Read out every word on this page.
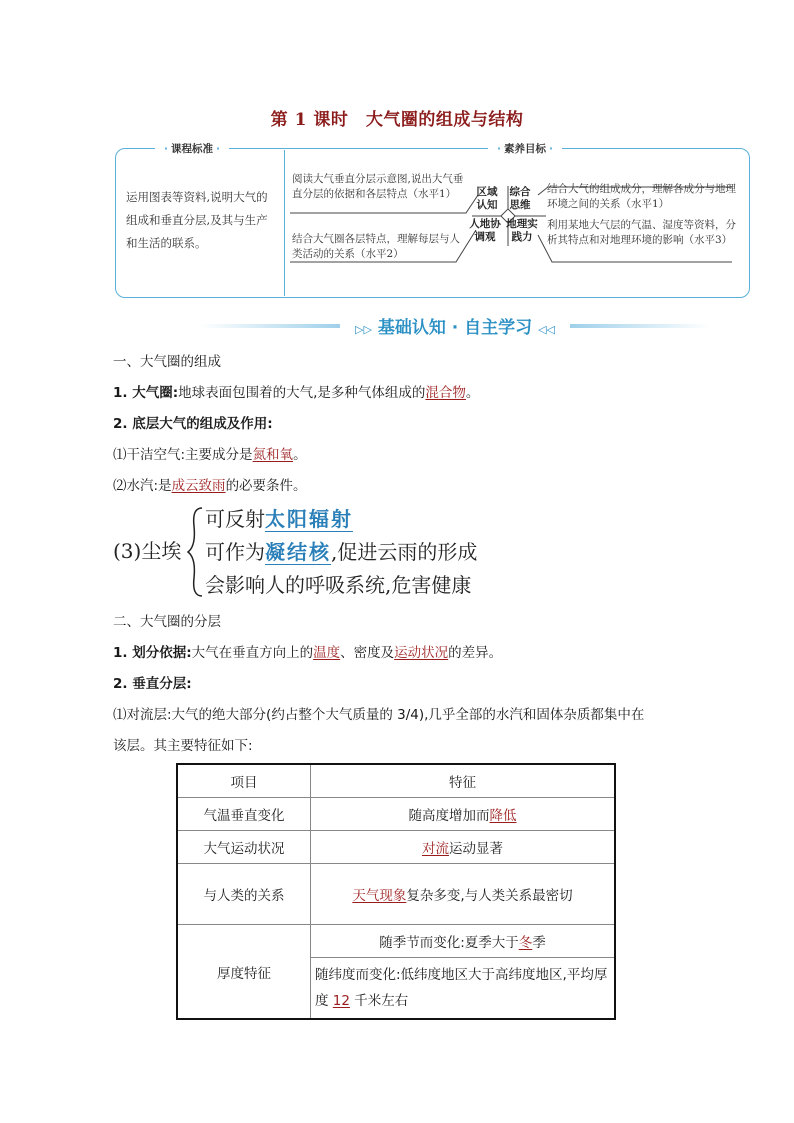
第 1 课时　大气圈的组成与结构
· 课程标准 ·	· 素养目标 ·
运用图表等资料,说明大气的组成和垂直分层,及其与生产和生活的联系。
阅读大气垂直分层示意图,说出大气垂直分层的依据和各层特点（水平1）
结合大气圈各层特点，理解每层与人类活动的关系（水平2）
结合大气的组成成分，理解各成分与地理环境之间的关系（水平1）
利用某地大气层的气温、湿度等资料，分析其特点和对地理环境的影响（水平3）
区域认知
综合思维
人地协调观
地理实践力
▷▷ 基础认知 · 自主学习 ◁◁
一、大气圈的组成
1. 大气圈:地球表面包围着的大气,是多种气体组成的混合物。
2. 底层大气的组成及作用:
⑴干洁空气:主要成分是氮和氧。
⑵水汽:是成云致雨的必要条件。
(3)尘埃
可反射太阳辐射
可作为凝结核,促进云雨的形成
会影响人的呼吸系统,危害健康
二、大气圈的分层
1. 划分依据:大气在垂直方向上的温度、密度及运动状况的差异。
2. 垂直分层:
⑴对流层:大气的绝大部分(约占整个大气质量的 3/4),几乎全部的水汽和固体杂质都集中在
该层。其主要特征如下:
项目	特征
气温垂直变化	随高度增加而降低
大气运动状况	对流运动显著
与人类的关系	天气现象复杂多变,与人类关系最密切
厚度特征	随季节而变化:夏季大于冬季
	随纬度而变化:低纬度地区大于高纬度地区,平均厚度 12 千米左右
